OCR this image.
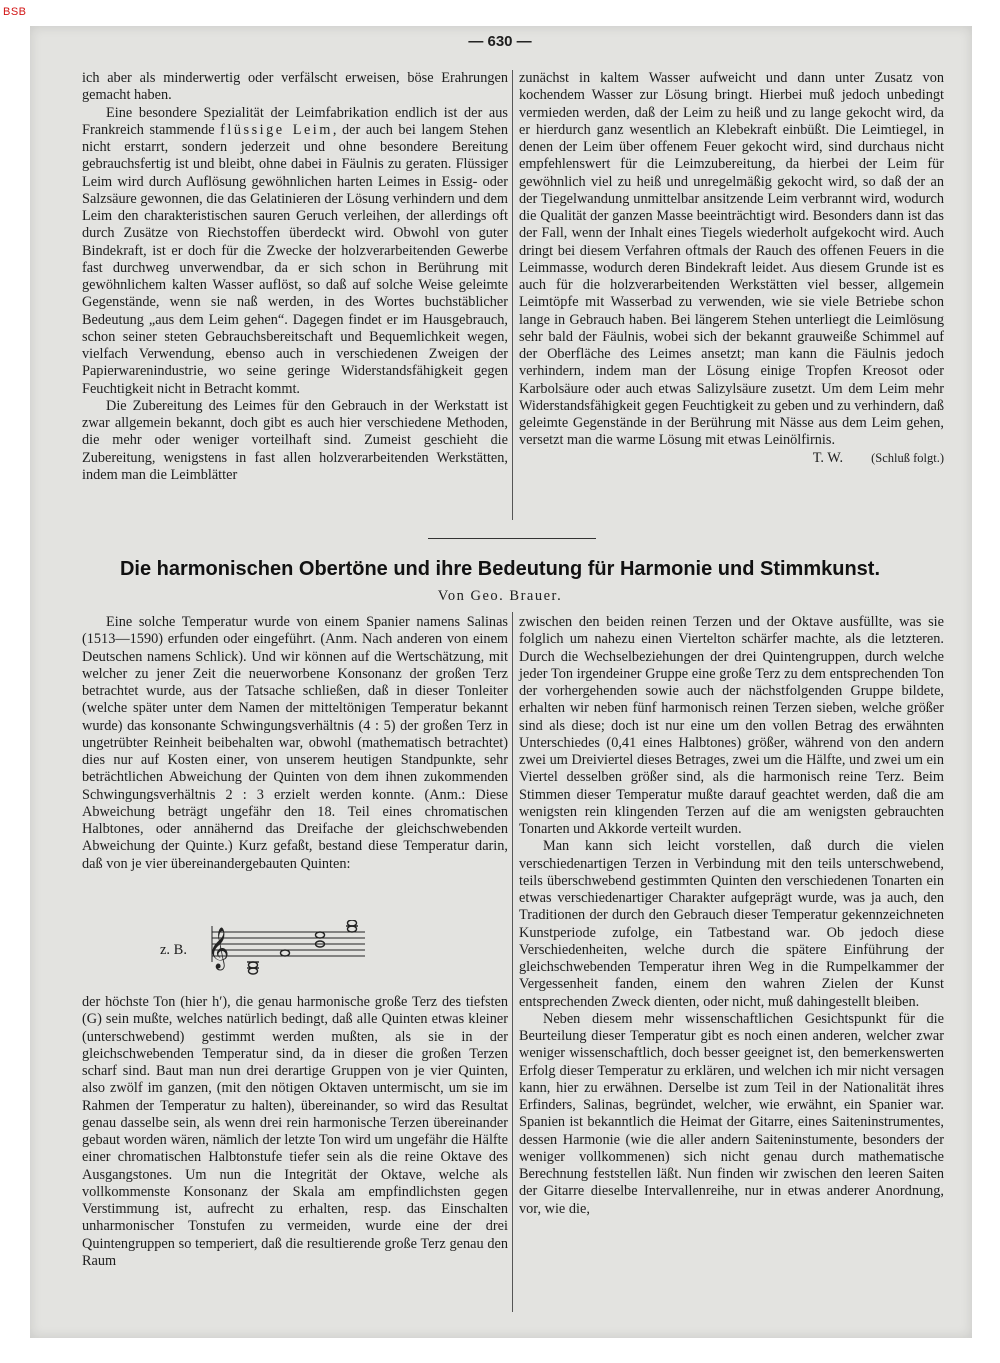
BSB
— 630 —

ich aber als minderwertig oder verfälscht erweisen, böse Erahrungen gemacht haben.

Eine besondere Spezialität der Leimfabrikation endlich ist der aus Frankreich stammende flüssige Leim, der auch bei langem Stehen nicht erstarrt, sondern jederzeit und ohne besondere Bereitung gebrauchsfertig ist und bleibt, ohne dabei in Fäulnis zu geraten. Flüssiger Leim wird durch Auflösung gewöhnlichen harten Leimes in Essig- oder Salzsäure gewonnen, die das Gelatinieren der Lösung verhindern und dem Leim den charakteristischen sauren Geruch verleihen, der allerdings oft durch Zusätze von Riechstoffen überdeckt wird. Obwohl von guter Bindekraft, ist er doch für die Zwecke der holzverarbeitenden Gewerbe fast durchweg unverwendbar, da er sich schon in Berührung mit gewöhnlichem kalten Wasser auflöst, so daß auf solche Weise geleimte Gegenstände, wenn sie naß werden, in des Wortes buchstäblicher Bedeutung „aus dem Leim gehen“. Dagegen findet er im Hausgebrauch, schon seiner steten Gebrauchsbereitschaft und Bequemlichkeit wegen, vielfach Verwendung, ebenso auch in verschiedenen Zweigen der Papierwarenindustrie, wo seine geringe Widerstandsfähigkeit gegen Feuchtigkeit nicht in Betracht kommt.

Die Zubereitung des Leimes für den Gebrauch in der Werkstatt ist zwar allgemein bekannt, doch gibt es auch hier verschiedene Methoden, die mehr oder weniger vorteilhaft sind. Zumeist geschieht die Zubereitung, wenigstens in fast allen holzverarbeitenden Werkstätten, indem man die Leimblätter

zunächst in kaltem Wasser aufweicht und dann unter Zusatz von kochendem Wasser zur Lösung bringt. Hierbei muß jedoch unbedingt vermieden werden, daß der Leim zu heiß und zu lange gekocht wird, da er hierdurch ganz wesentlich an Klebekraft einbüßt. Die Leimtiegel, in denen der Leim über offenem Feuer gekocht wird, sind durchaus nicht empfehlenswert für die Leimzubereitung, da hierbei der Leim für gewöhnlich viel zu heiß und unregelmäßig gekocht wird, so daß der an der Tiegelwandung unmittelbar ansitzende Leim verbrannt wird, wodurch die Qualität der ganzen Masse beeinträchtigt wird. Besonders dann ist das der Fall, wenn der Inhalt eines Tiegels wiederholt aufgekocht wird. Auch dringt bei diesem Verfahren oftmals der Rauch des offenen Feuers in die Leimmasse, wodurch deren Bindekraft leidet. Aus diesem Grunde ist es auch für die holzverarbeitenden Werkstätten viel besser, allgemein Leimtöpfe mit Wasserbad zu verwenden, wie sie viele Betriebe schon lange in Gebrauch haben. Bei längerem Stehen unterliegt die Leimlösung sehr bald der Fäulnis, wobei sich der bekannt grauweiße Schimmel auf der Oberfläche des Leimes ansetzt; man kann die Fäulnis jedoch verhindern, indem man der Lösung einige Tropfen Kreosot oder Karbolsäure oder auch etwas Salizylsäure zusetzt. Um dem Leim mehr Widerstandsfähigkeit gegen Feuchtigkeit zu geben und zu verhindern, daß geleimte Gegenstände in der Berührung mit Nässe aus dem Leim gehen, versetzt man die warme Lösung mit etwas Leinölfirnis.

T. W. (Schluß folgt.)
Die harmonischen Obertöne und ihre Bedeutung für Harmonie und Stimmkunst.
Von Geo. Brauer.

Eine solche Temperatur wurde von einem Spanier namens Salinas (1513—1590) erfunden oder eingeführt. (Anm. Nach anderen von einem Deutschen namens Schlick). Und wir können auf die Wertschätzung, mit welcher zu jener Zeit die neuerworbene Konsonanz der großen Terz betrachtet wurde, aus der Tatsache schließen, daß in dieser Tonleiter (welche später unter dem Namen der mitteltönigen Temperatur bekannt wurde) das konsonante Schwingungsverhältnis (4 : 5) der großen Terz in ungetrübter Reinheit beibehalten war, obwohl (mathematisch betrachtet) dies nur auf Kosten einer, von unserem heutigen Standpunkte, sehr beträchtlichen Abweichung der Quinten von dem ihnen zukommenden Schwingungsverhältnis 2 : 3 erzielt werden konnte. (Anm.: Diese Abweichung beträgt ungefähr den 18. Teil eines chromatischen Halbtones, oder annähernd das Dreifache der gleichschwebenden Abweichung der Quinte.) Kurz gefaßt, bestand diese Temperatur darin, daß von je vier übereinandergebauten Quinten:

z. B. 𝄞

der höchste Ton (hier h′), die genau harmonische große Terz des tiefsten (G) sein mußte, welches natürlich bedingt, daß alle Quinten etwas kleiner (unterschwebend) gestimmt werden mußten, als sie in der gleichschwebenden Temperatur sind, da in dieser die großen Terzen scharf sind. Baut man nun drei derartige Gruppen von je vier Quinten, also zwölf im ganzen, (mit den nötigen Oktaven untermischt, um sie im Rahmen der Temperatur zu halten), übereinander, so wird das Resultat genau dasselbe sein, als wenn drei rein harmonische Terzen übereinander gebaut worden wären, nämlich der letzte Ton wird um ungefähr die Hälfte einer chromatischen Halbtonstufe tiefer sein als die reine Oktave des Ausgangstones. Um nun die Integrität der Oktave, welche als vollkommenste Konsonanz der Skala am empfindlichsten gegen Verstimmung ist, aufrecht zu erhalten, resp. das Einschalten unharmonischer Tonstufen zu vermeiden, wurde eine der drei Quintengruppen so temperiert, daß die resultierende große Terz genau den Raum

zwischen den beiden reinen Terzen und der Oktave ausfüllte, was sie folglich um nahezu einen Viertelton schärfer machte, als die letzteren. Durch die Wechselbeziehungen der drei Quintengruppen, durch welche jeder Ton irgendeiner Gruppe eine große Terz zu dem entsprechenden Ton der vorhergehenden sowie auch der nächstfolgenden Gruppe bildete, erhalten wir neben fünf harmonisch reinen Terzen sieben, welche größer sind als diese; doch ist nur eine um den vollen Betrag des erwähnten Unterschiedes (0,41 eines Halbtones) größer, während von den andern zwei um Dreiviertel dieses Betrages, zwei um die Hälfte, und zwei um ein Viertel desselben größer sind, als die harmonisch reine Terz. Beim Stimmen dieser Temperatur mußte darauf geachtet werden, daß die am wenigsten rein klingenden Terzen auf die am wenigsten gebrauchten Tonarten und Akkorde verteilt wurden.

Man kann sich leicht vorstellen, daß durch die vielen verschiedenartigen Terzen in Verbindung mit den teils unterschwebend, teils überschwebend gestimmten Quinten den verschiedenen Tonarten ein etwas verschiedenartiger Charakter aufgeprägt wurde, was ja auch, den Traditionen der durch den Gebrauch dieser Temperatur gekennzeichneten Kunstperiode zufolge, ein Tatbestand war. Ob jedoch diese Verschiedenheiten, welche durch die spätere Einführung der gleichschwebenden Temperatur ihren Weg in die Rumpelkammer der Vergessenheit fanden, einem den wahren Zielen der Kunst entsprechenden Zweck dienten, oder nicht, muß dahingestellt bleiben.

Neben diesem mehr wissenschaftlichen Gesichtspunkt für die Beurteilung dieser Temperatur gibt es noch einen anderen, welcher zwar weniger wissenschaftlich, doch besser geeignet ist, den bemerkenswerten Erfolg dieser Temperatur zu erklären, und welchen ich mir nicht versagen kann, hier zu erwähnen. Derselbe ist zum Teil in der Nationalität ihres Erfinders, Salinas, begründet, welcher, wie erwähnt, ein Spanier war. Spanien ist bekanntlich die Heimat der Gitarre, eines Saiteninstrumentes, dessen Harmonie (wie die aller andern Saiteninstumente, besonders der weniger vollkommenen) sich nicht genau durch mathematische Berechnung feststellen läßt. Nun finden wir zwischen den leeren Saiten der Gitarre dieselbe Intervallenreihe, nur in etwas anderer Anordnung, vor, wie die,
